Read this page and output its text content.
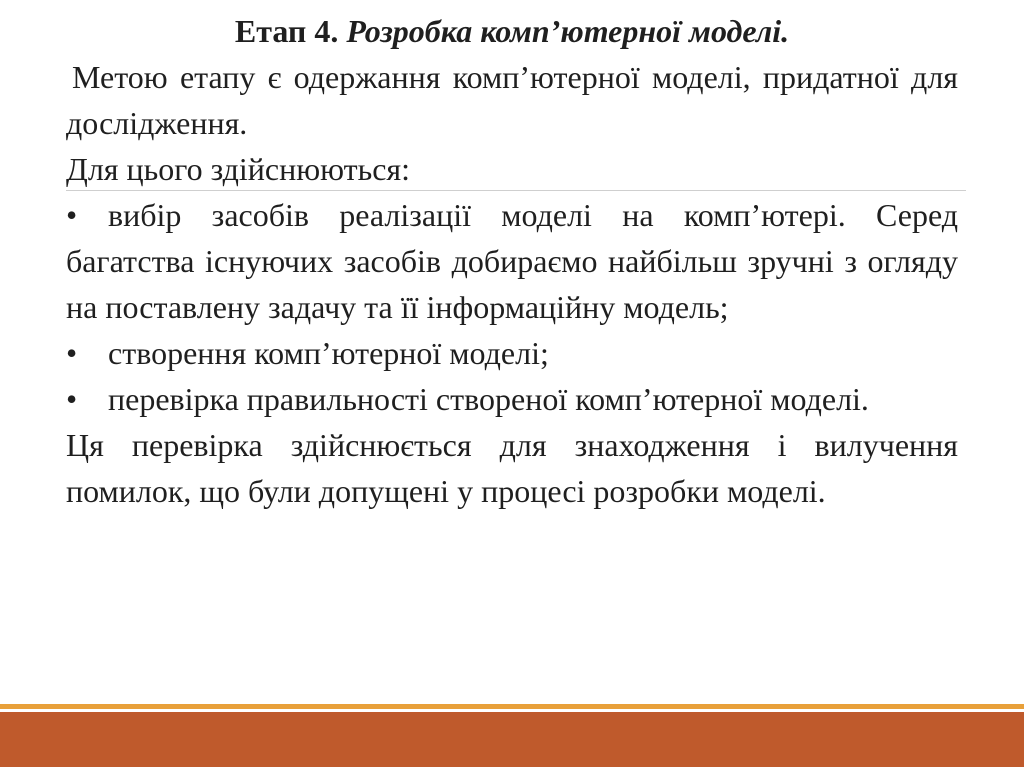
Етап 4. Розробка комп’ютерної моделі.

Метою етапу є одержання комп’ютерної моделі, придатної для дослідження.

Для цього здійснюються:

• вибір засобів реалізації моделі на комп’ютері. Серед багатства існуючих засобів добираємо найбільш зручні з огляду на поставлену задачу та її інформаційну модель;

• створення комп’ютерної моделі;

• перевірка правильності створеної комп’ютерної моделі.

Ця перевірка здійснюється для знаходження і вилучення помилок, що були допущені у процесі розробки моделі.
